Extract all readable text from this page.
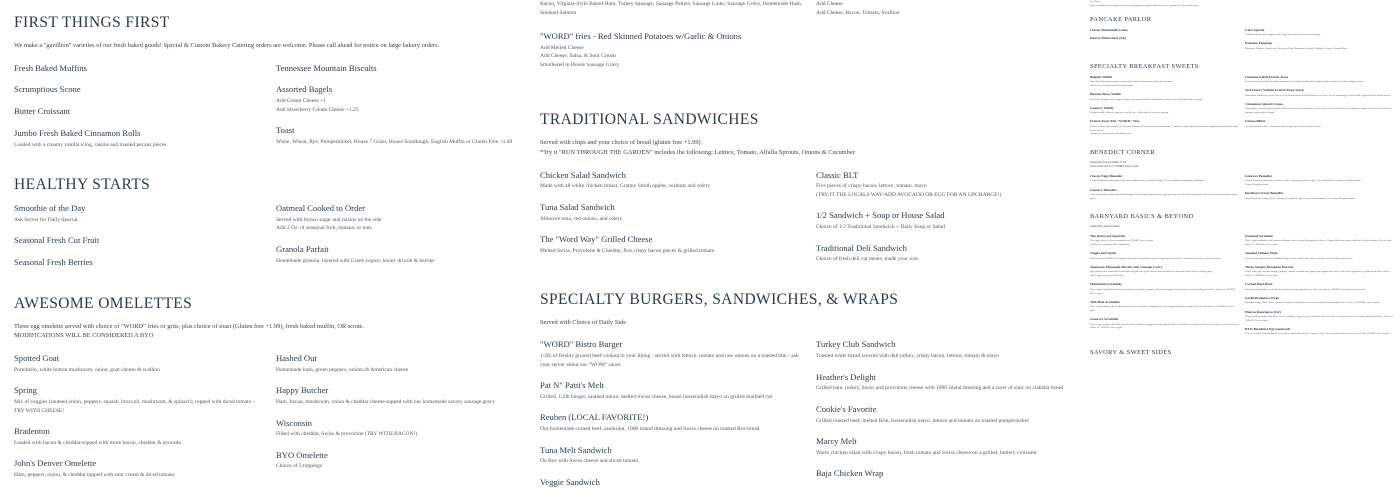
FIRST THINGS FIRST

We make a "gazillion" varieties of our fresh baked goods! Special & Custom Bakery Catering orders are welcome. Please call ahead for notice on large bakery orders.

Fresh Baked Muffins
Scrumptious Scone
Butter Croissant
Jumbo Fresh Baked Cinnamon Rolls
Loaded with a creamy vanilla icing, raisins and toasted pecans pieces
Tennessee Mountain Biscuits
Assorted Bagels
Add Cream Cheese +1
Add Strawberry Cream Cheese +1.25
Toast
White, Wheat, Rye, Pumpernickel, House 7 Grain, House Sourdough, English Muffin or Gluten Free +1.49
HEALTHY STARTS
Smoothie of the Day
Ask Server for Daily Special
Seasonal Fresh Cut Fruit
Seasonal Fresh Berries
Oatmeal Cooked to Order
Served with brown sugar and raisins on the side
Add 2 Oz. of seasonal fruit, banana, or nuts
Granola Parfait
Homemade granola, layered with Greek yogurt, honey drizzle & berries
AWESOME OMELETTES

Three egg omeletts served with choice of "WORD" fries or grits, plus choice of toast (Gluten free +1.99), fresh baked muffin, OR scone.
MODIFICATIONS WILL BE CONSIDERED A BYO

Spotted Goat
Portobello, white button mushroom, onion, goat cheese & scallion
Spring
Mix of veggies (sauteed onion, peppers, squash, broccoli, mushroom, & spinach), topped with diced tomato - TRY WITH CHEESE!
Bradenton
Loaded with bacon & cheddar-topped with more bacon, cheddar & avocado
John's Denver Omelette
Ham, peppers, onion, & cheddar topped with sour cream & diced tomato
Hashed Out
Homemade hash, green peppers, onions & American cheese
Happy Butcher
Ham, bacon, mushroom, onion & cheddar cheese-topped with our homemade savory sausage gravy
Wisconsin
Filled with cheddar, Swiss & provolone (TRY WITH BACON!)
BYO Omelette
Choice of 3 toppings
Bacon, Virginia-Style Baked Ham, Turkey Sausage, Sausage Patties, Sausage Links, Sausage Gravy, Homemade Hash, Smoked Salmon
Add Cheese
Add Cheese, Bacon, Tomato, Scallion
"WORD" fries - Red Skinned Potatoes w/Garlic & Onions
Add Melted Cheese
Add Cheese, Salsa, & Sour Cream
Smothered in House Sausage Gravy
TRADITIONAL SANDWICHES

Served with chips and your choice of bread (gluten free +1.99)
*Try it "RUN THROUGH THE GARDEN" includes the following: Lettuce, Tomato, Alfalfa Sprouts, Onions & Cucumber

Chicken Salad Sandwich
Made with all white chicken breast, Granny Smith apples, walnuts and celery
Tuna Salad Sandwich
Albacore tuna, red onions, and celery
The "Word Way" Grilled Cheese
Melted Swiss, Provolone & Cheddar, five crispy bacon pieces & grilled tomato
Classic BLT
Five pieces of crispy bacon, lettuce, tomato, mayo
(TRY IT THE LOCALS WAY-ADD AVOCADO OR EGG FOR AN UPCHARGE!)
1/2 Sandwich + Soup or House Salad
Choice of 1/2 Traditional Sandwich + Daily Soup or Salad
Traditional Deli Sandwich
Choice of fresh deli cut meats, made your way.
SPECIALTY BURGERS, SANDWICHES, & WRAPS

Served with Choice of Daily Side

"WORD" Bistro Burger
1/2lb of freshly ground beef cooked to your liking - served with lettuce, tomato and raw onions on a toasted bun - ask your server about our "WOM" sauce
Pat N" Patti's Melt
Grilled, 1/2lb burger, sauteed onion, melted Swiss cheese, house horseradish mayo on grilled marbled rye
Reuben (LOCAL FAVORITE!)
Our homemade corned beef, saurkraut, 1000 island dressing and Swiss cheese on toasted Rye bread
Tuna Melt Sandwich
On Rye with Swiss cheese and sliced tomato
Veggie Sandwich
Turkey Club Sandwich
Toasted white bread layered with deli turkey, crispy bacon, lettuce, tomato & mayo
Heather's Delight
Grilled ham, turkey, Swiss and provolone cheese with 1000 island dressing and a layer of slaw on ciabatta bread
Cookie's Favorite
Grilled roasted beef, melted Brie, horseradish mayo, lettuce and tomato on toasted pumpernickel
Marcy Melt
Warm chicken salad with crispy bacon, fresh tomato and Swiss cheese on a grilled, buttery croissant
Baja Chicken Wrap
Try Them
Spicy chorizo, sauteed peppers, onions, & pepperjack, topped with sour cream, guacamole, & our salsa roja
PANCAKE PARLOR
Classic Buttermilk Cakes
Hearty Buckwheat (GF)
Cake Special
2 Buttermilk pancakes topped with 2 eggs and a choice of bacon or sausage
Pancake Toppings
Blueberry, Banana, Strawberry, Chocolate Chip, Homemade Granola, Walnuts, Pecans, Almond Slices
SPECIALTY BREAKFAST SWEETS
Belgian Waffle
Dusted with powdered sugar, served with a side of homemade orange pecan butter
Add berries, banana, and fresh whip cream
Banana Brew Waffle
Our house Belgian waffle topped with fresh bananas walnuts, homemade cream cheese icing, & powdered sugar
Country Waffle
Belgian waffle with two eggs any you like too, with a side of bacon or sausage
French Toast The "WORD" Way
Choice of house Sourdough or Grain bread dipped in our vanilla cinnamon batter, 2 grilled to a french toast perfection, topped with powdered sugar & strawberry
Add berries, banana, & fresh whip cream
Cinnamon Roll French Toast
French toast made with our jumbo cinnamon roll, hand cut and grilled, topped with a drizzle of freshly whipped cream
Strawberry Stuffed French Toast Stack
Homemade strawberry cream cheese & fresh strawberries filled between two slices of our Sourdough French Toast - topped with seasonal berries
Cinnamon Spiced Crepes
Homemade cinnamon spiced crepes filled with our house strawberry cream cheese, fresh strawberries, & bananas - topped with more strawberries, bananas, and powdered sugar
Cheese Blintz
Served with fresh fruit, homemade zesty orange sauce, plus waffles or toast
BENEDICT CORNER

Gluten free Toast available +1.99
Served with choice of "WORD" fries or grits

Classic Eggs Benedict
Toasted English muffin topped with shaved grilled ham, 2 poached eggs** & our signature homemade hollandaise
Country Benedict
Grilled homemade buttermilk biscuit topped with sausage patty and two eggs any way you like, then smothered with our savory homemade sausage gravy
Gateway Benedict
Grilled salmon, tomato slices, fresh avocado, asparagus, poached eggs** & hollandaise on a toasted English muffin
Toasted English muffin
Dearborn Street Benedict
Sauteed spinach, crispy bacon, melted brie, poached eggs** and fresh hollandaise on a toasted English muffin
BARNYARD BASICS & BEYOND

Gluten Free Toast available

The Barnyard Specialty
Two eggs, choice of toast or muffin and "WORD" fries or grits
Add bacon or sausage side or ham patty
Veggie and Spuds
Our delicious "WORD" fries topped with sauteed vegetables and two eggs any way you like - plus choice of toast, muffin or scone
Tennessee Mountain Biscuit with Sausage Gravy
Our jumbo house buttermilk biscuit split & grilled to golden brown and smothered in our homemade savory sausage gravy
Add 2 eggs any way you like too
Manhattan Scramble
Three eggs scrambled with house corned beef, potatoes, peppers, and onions topped with tomato, sour cream & green onion - choice of "WORD" fries or grits
20th Hole Scramble
Three egg scramble filled with ham, turkey, bacon, onion, asparagus & Swiss topped with diced tomato. Served with choice of "WORD" fries or grits
Santa Fe Scramble
Three egg scramble filled with chorizo, onion, potatoes, pepperjack and topped with avocado slices, diced tomato, and sour cream. Served with your choice of "WORD" fries or grits
Oatmeal Scramble
Three eggs scrambled with hardwood shrimp, bacon, onion & pepperjack cheese. Topped with sour cream, scallions, & diced tomato. Served with choice of "WORD" fries or grits
Smoked Salmon Plate
Served with lettuce, tomato, hardboiled egg, onions, capers plus choice of bagel or toast, with cream cheese
Three Amigos Breakfast Burrito
Filled with eggs, chorizo sausage, peppers, onions, cheddar and pepper jack topped with salsa, sour cream, guacamole, jalapenos & black olives - choice of "WORD" fries or grits
Corned Beef Hash
Our homemade hash served with sliced tomatoes and eggs how you like 'em - plus or "WORD" fries and choice of toast
Greek Breakfast Wrap
Scrambled eggs, black olives, spinach, tomatoes, onions and feta cheese drizzled with tzatziki sauce. Choice of "WORD" fries or grits
Huevos Rancheros (GF)
Crispy tortillas topped with black beans, cheddar, 2 eggs any style, blended with our salsa verde, queso fresco, red onion & diced tomato - choice of "WORD" fries or grits
BYO Breakfast Egg Sandwich
Choice of Toast, English muffin, croissant or buttermilk biscuit, 2 egg any style, cheese, and breakfast meat. Served with "WORD" fries or grits
SAVORY & SWEET SIDES
